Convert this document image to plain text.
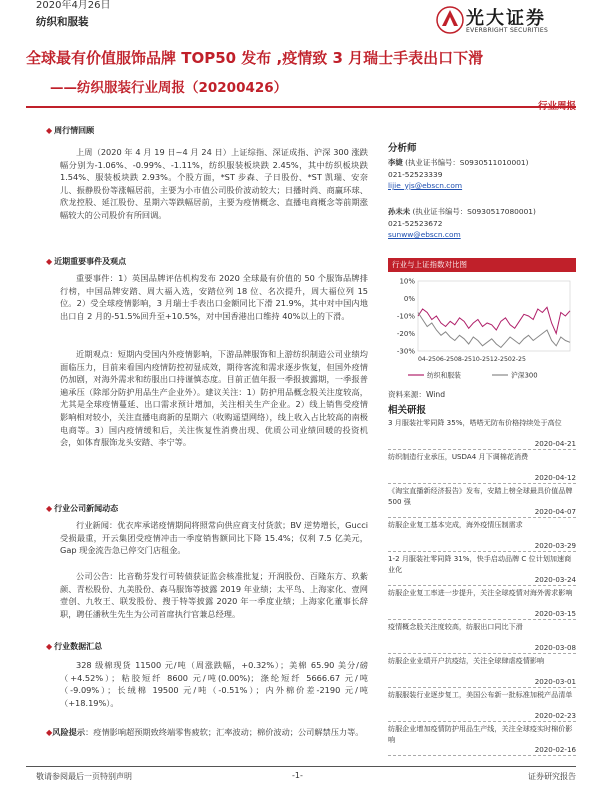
2020年4月26日
纺织和服装	光大证券
EVERBRIGHT SECURITIES
全球最有价值服饰品牌 TOP50 发布 ,疫情致 3 月瑞士手表出口下滑
——纺织服装行业周报（20200426）
行业周报
◆ 周行情回顾
上周（2020 年 4 月 19 日~4 月 24 日）上证综指、深证成指、沪深 300 涨跌幅分别为-1.06%、-0.99%、-1.11%，纺织服装板块跌 2.45%，其中纺织板块跌 1.54%、服装板块跌 2.93%。个股方面，*ST 步森、子日股份、*ST 凯瑞、安奈儿、振静股份等涨幅居前，主要为小市值公司股价波动较大；日播时尚、商赢环球、欣龙控股、延江股份、星期六等跌幅居前，主要为疫情概念、直播电商概念等前期涨幅较大的公司股价有所回调。
◆ 近期重要事件及观点
重要事件：1）英国品牌评估机构发布 2020 全球最有价值的 50 个服饰品牌排行榜，中国品牌安踏、周大福入选，安踏位列 18 位、名次提升，周大福位列 15 位。2）受全球疫情影响，3 月瑞士手表出口金额同比下滑 21.9%，其中对中国内地出口自 2 月的-51.5%回升至+10.5%，对中国香港出口维持 40%以上的下滑。
近期观点：短期内受国内外疫情影响，下游品牌服饰和上游纺织制造公司业绩均面临压力，目前来看国内疫情防控初显成效，期待客流和需求逐步恢复，但国外疫情仍加剧，对海外需求和纺服出口持谨慎态度。目前正值年报一季报披露期，一季报普遍承压（除部分防护用品生产企业外）。建议关注：1）防护用品概念股关注度较高，尤其是全球疫情蔓延、出口需求预计增加，关注相关生产企业。2）线上销售受疫情影响相对较小，关注直播电商新的星期六（收购遥望网络），线上收入占比较高的南极电商等。3）国内疫情缓和后，关注恢复性消费出现、优质公司业绩回暖的投资机会，如体育服饰龙头安踏、李宁等。
◆ 行业公司新闻动态
行业新闻：优衣库承诺疫情期间将照常向供应商支付货款；BV 逆势增长，Gucci 受损最重，开云集团受疫情冲击一季度销售额同比下降 15.4%；仅利 7.5 亿美元，Gap 现金流告急已停交门店租金。
公司公告：比音勒芬发行可转债获证监会核准批复；开润股份、百隆东方、玖紫颜、青松股份、九美股份、森马服饰等披露 2019 年业绩；太平鸟、上海家化、壹网壹创、九牧王、联发股份、搜于特等披露 2020 年一季度业绩；上海家化董事长辞职，聘任潘秋生先生为公司首席执行官兼总经理。
◆ 行业数据汇总
328 级棉现货 11500 元/吨（周涨跌幅，+0.32%）；美棉 65.90 美分/磅（+4.52%）；粘胶短纤 8600 元/吨(0.00%)；涤纶短纤 5666.67 元/吨（-9.09%）；长绒棉 19500 元/吨（-0.51%）；内外棉价差-2190 元/吨（+18.19%）。
◆风险提示：疫情影响超预期致终端零售疲软；汇率波动；棉价波动；公司解禁压力等。
分析师
李婕 (执业证书编号：S0930511010001)
021-52523339
lijie_yjs@ebscn.com
孙未未 (执业证书编号：S0930517080001)
021-52523672
sunww@ebscn.com
行业与上证指数对比图
10%
0%
-10%
-20%
-30%
04-2506-2508-2510-2512-2502-25
纺织和服装	沪深300
资料来源：Wind
相关研报
3 月服装社零同降 35%，嗒嗒无防布价格持续处于高位
2020-04-21
纺织制造行业承压，USDA4 月下调棉花消费
2020-04-12
《淘宝直播新经济报告》发布，安踏上榜全球最具价值品牌 500 强
2020-04-07
纺服企业复工基本完成，海外疫情压制需求
2020-03-29
1-2 月服装社零同降 31%，快手启动品牌 C 位计划加速商业化
2020-03-24
纺服企业复工率进一步提升，关注全球疫情对海外需求影响
2020-03-15
疫情概念股关注度较高，纺服出口同比下滑
2020-03-08
纺服企业业绩开户抗疫结，关注全球肆虐疫情影响
2020-03-01
纺服服装行业逐步复工，美国公布新一批标准加税产品清单
2020-02-23
纺服企业增加疫情防护用品生产线，关注全球疫实时棉价影响
2020-02-16
敬请参阅最后一页特别声明	-1-	证券研究报告
